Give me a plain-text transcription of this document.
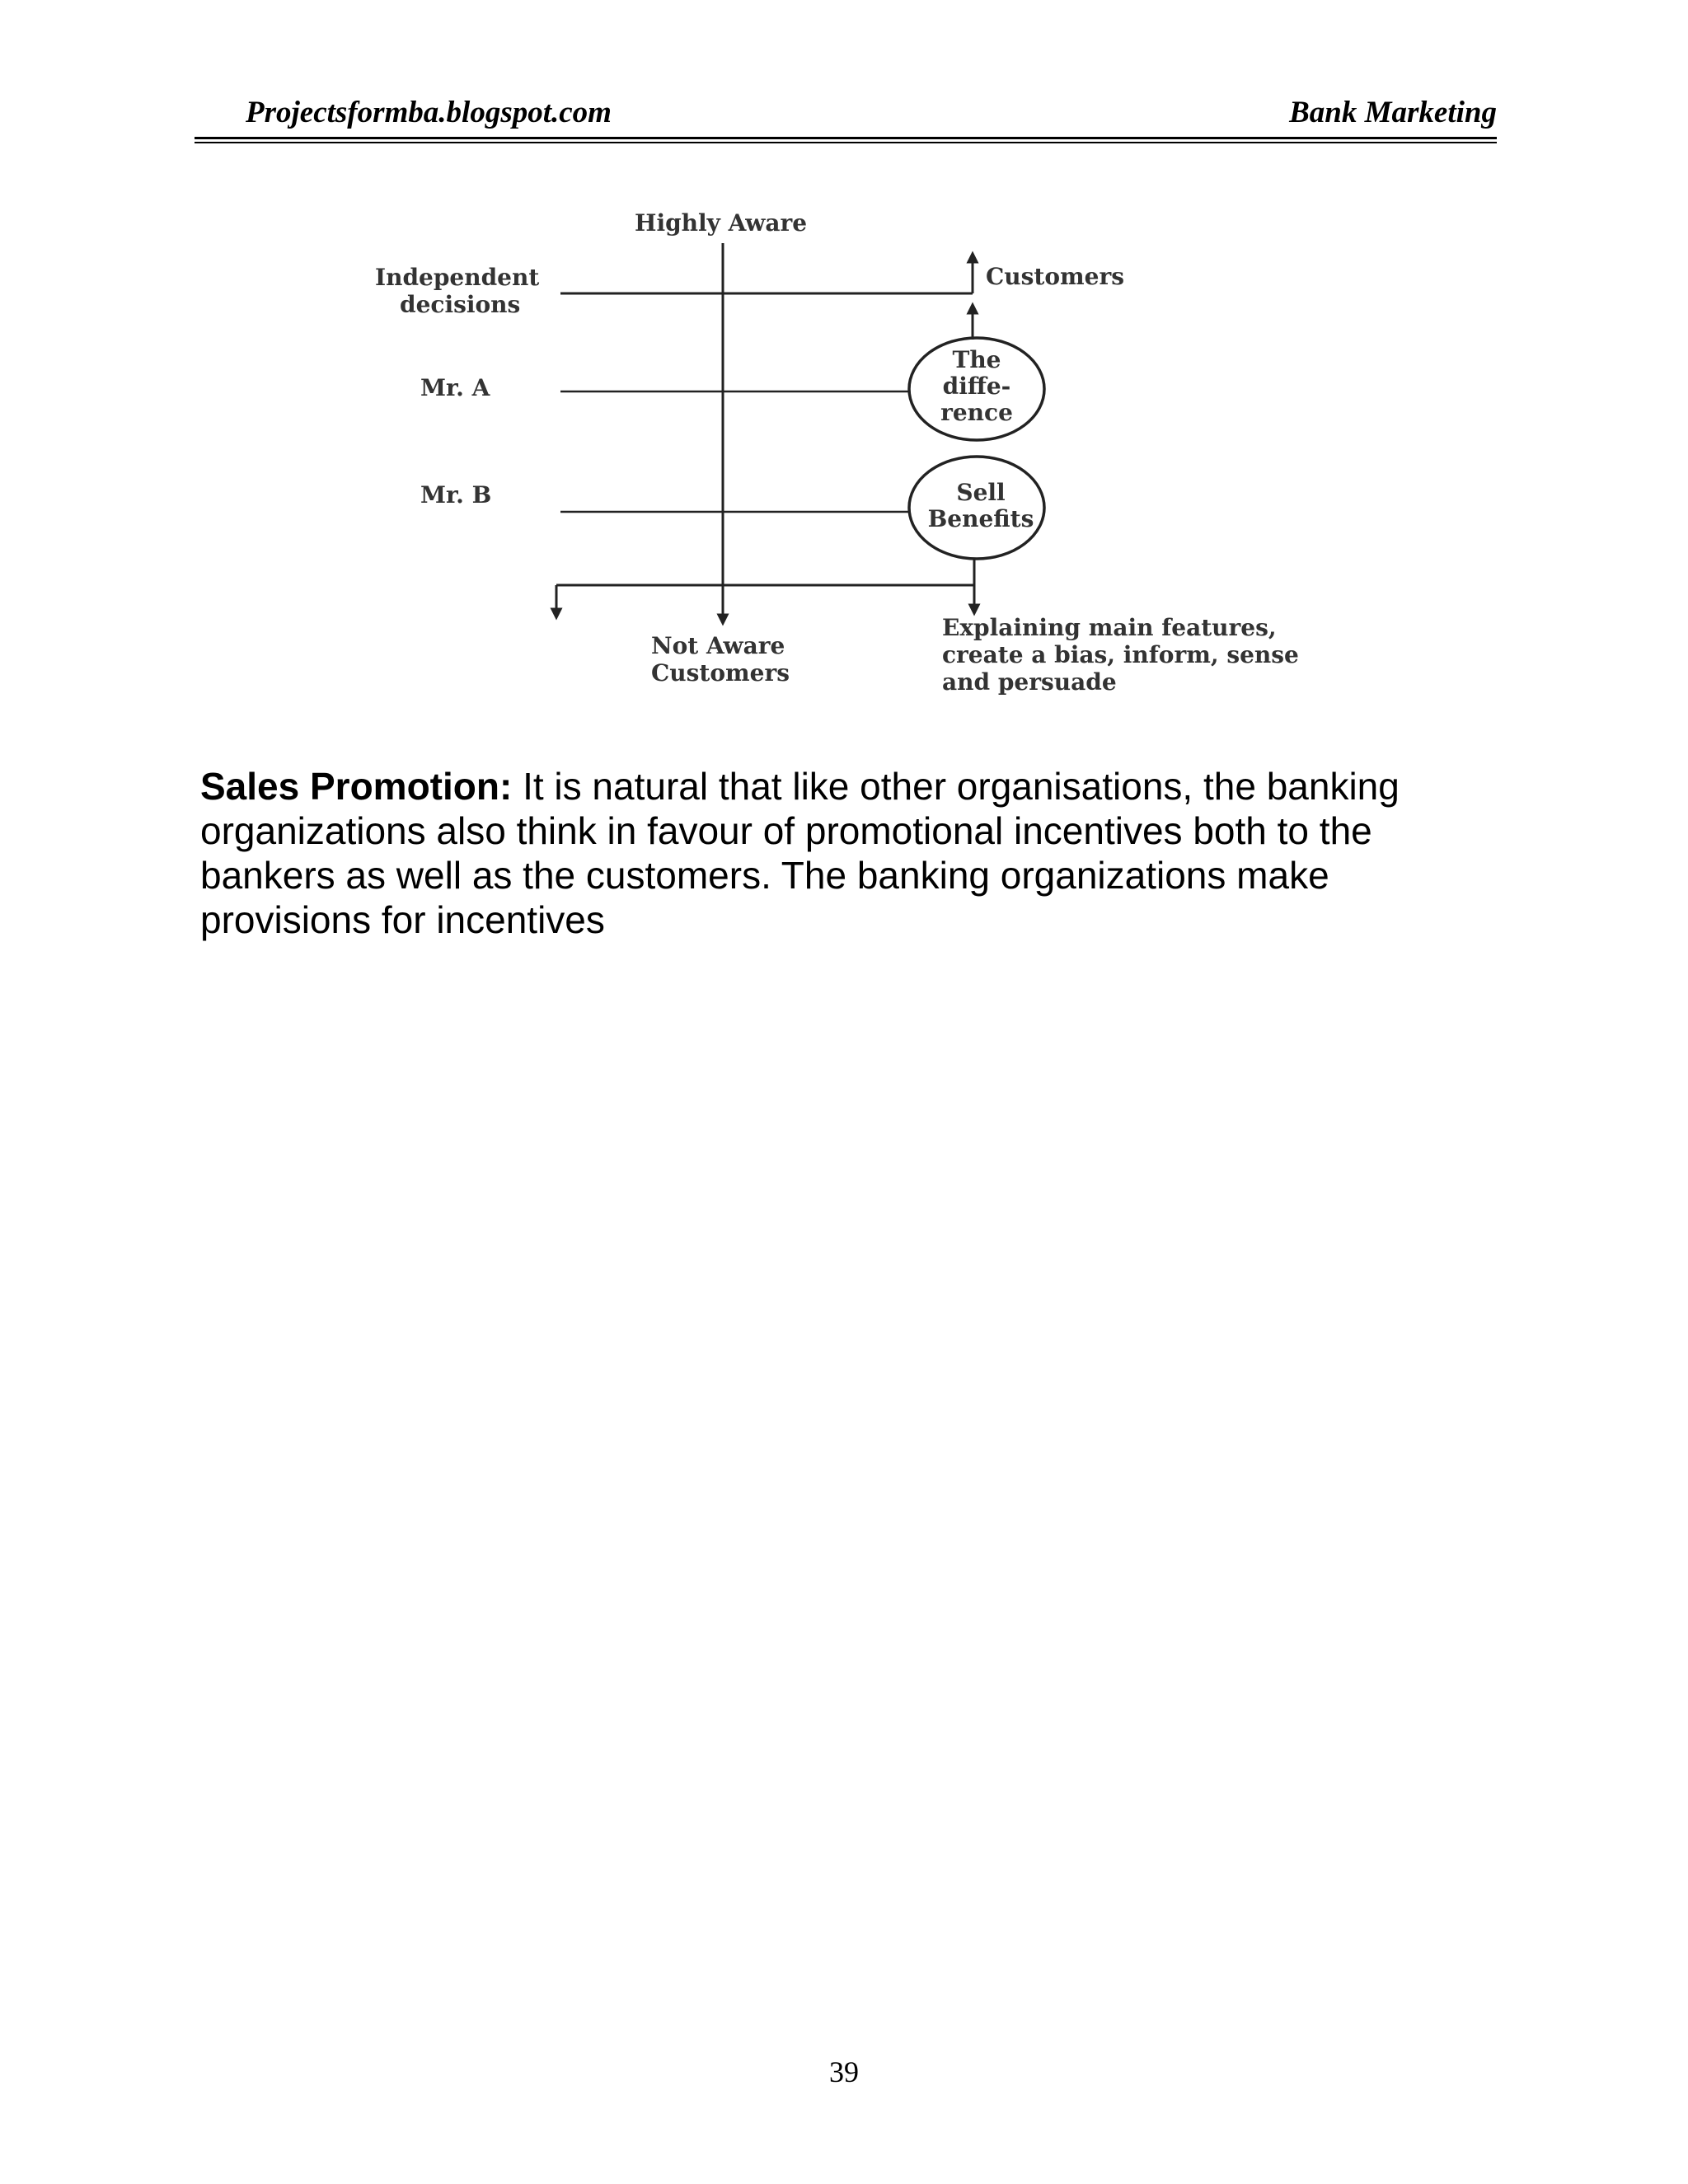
Projectsformba.blogspot.com	Bank Marketing
Highly Aware
Independent
decisions
Mr. A
Mr. B
Customers
The
diffe-
rence
Sell
Benefits
Not Aware
Customers
Explaining main features,
create a bias, inform, sense
and persuade
Sales Promotion: It is natural that like other organisations, the banking organizations also think in favour of promotional incentives both to the bankers as well as the customers. The banking organizations make provisions for incentives
39
